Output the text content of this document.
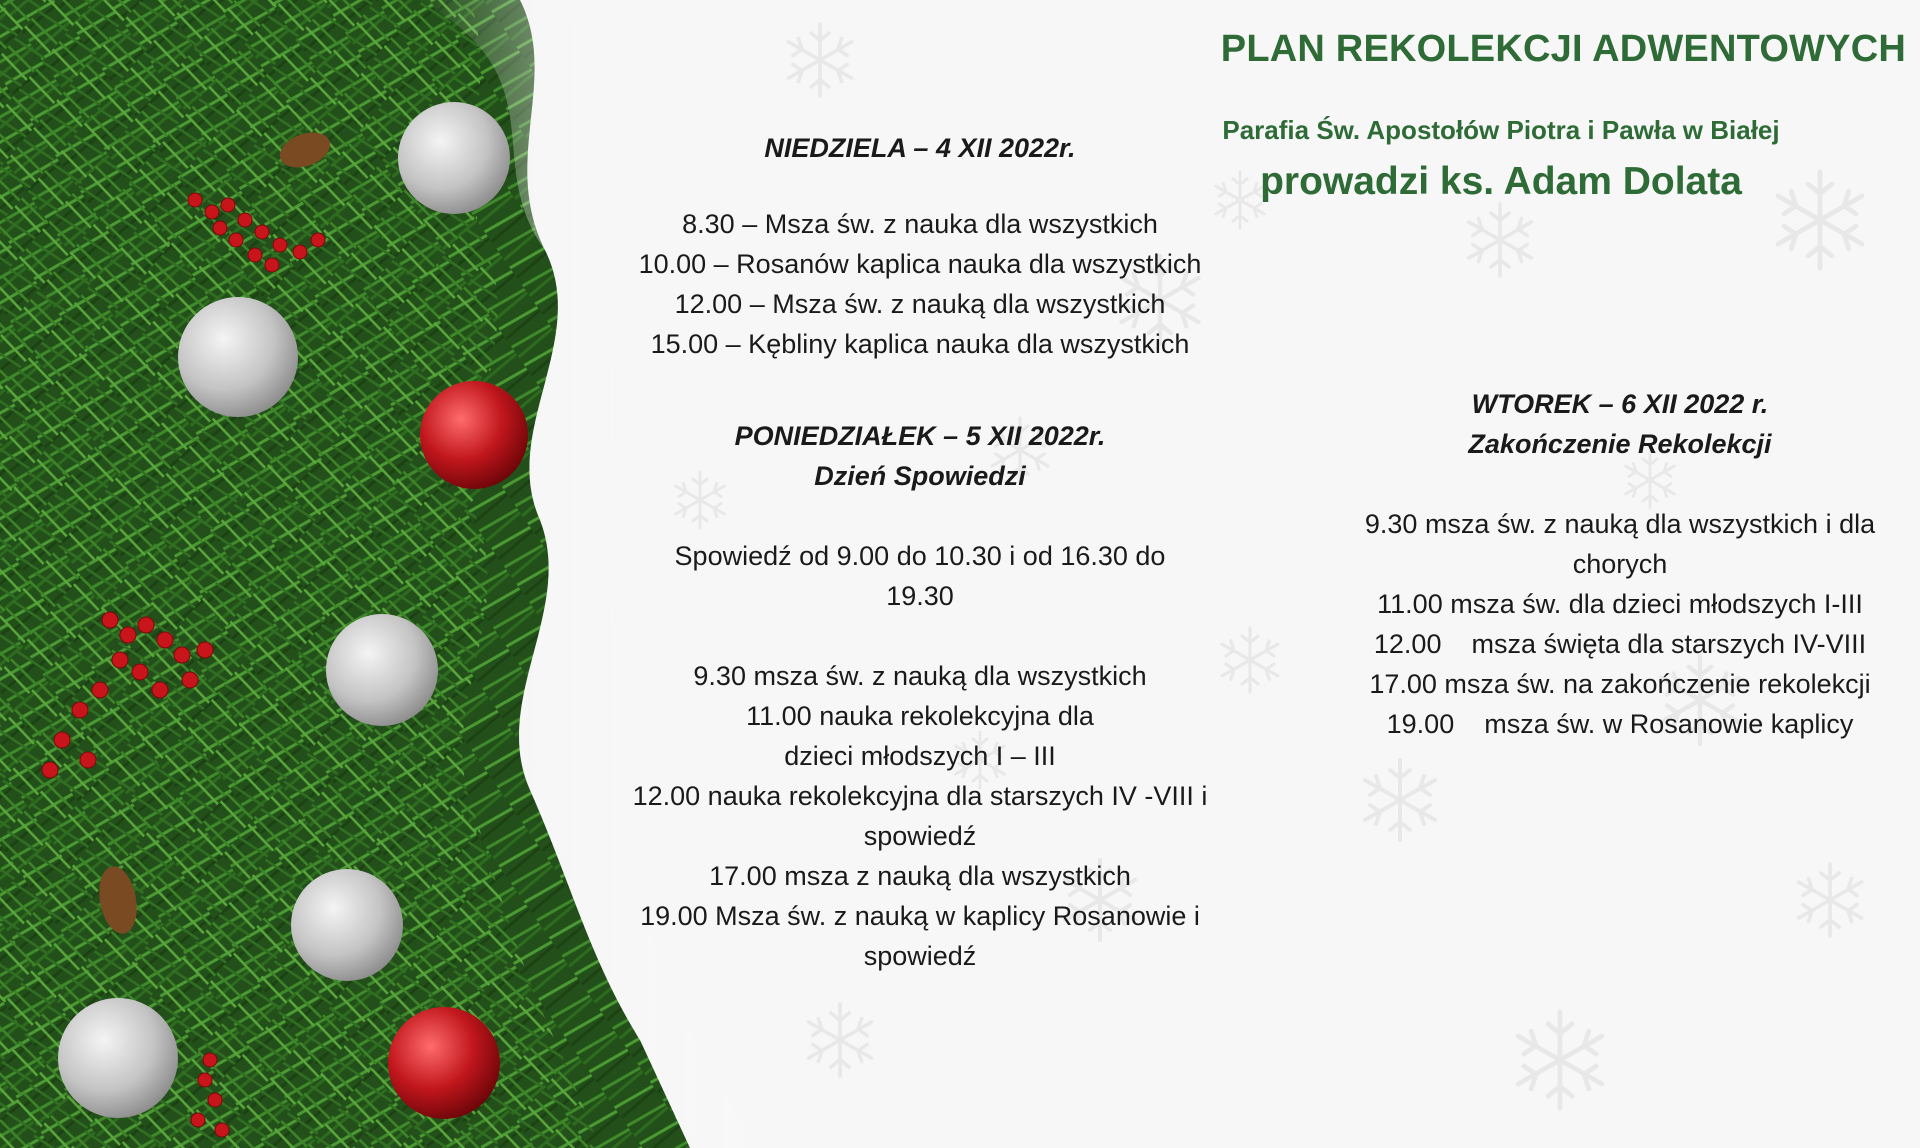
PLAN REKOLEKCJI ADWENTOWYCH
Parafia Św. Apostołów Piotra i Pawła w Białej
prowadzi ks. Adam Dolata
NIEDZIELA – 4 XII 2022r.
8.30 – Msza św. z nauka dla wszystkich
10.00 – Rosanów kaplica nauka dla wszystkich
12.00 – Msza św. z nauką dla wszystkich
15.00 – Kębliny kaplica nauka dla wszystkich
PONIEDZIAŁEK – 5 XII 2022r.
Dzień Spowiedzi
Spowiedź od 9.00 do 10.30 i od 16.30 do 19.30
9.30 msza św. z nauką dla wszystkich
11.00 nauka rekolekcyjna dla dzieci młodszych I – III
12.00 nauka rekolekcyjna dla starszych IV -VIII i spowiedź
17.00 msza z nauką dla wszystkich
19.00 Msza św. z nauką w kaplicy Rosanowie i spowiedź
WTOREK – 6 XII 2022 r.
Zakończenie Rekolekcji
9.30 msza św. z nauką dla wszystkich i dla chorych
11.00 msza św. dla dzieci młodszych I-III
12.00    msza święta dla starszych IV-VIII
17.00 msza św. na zakończenie rekolekcji
19.00    msza św. w Rosanowie kaplicy
